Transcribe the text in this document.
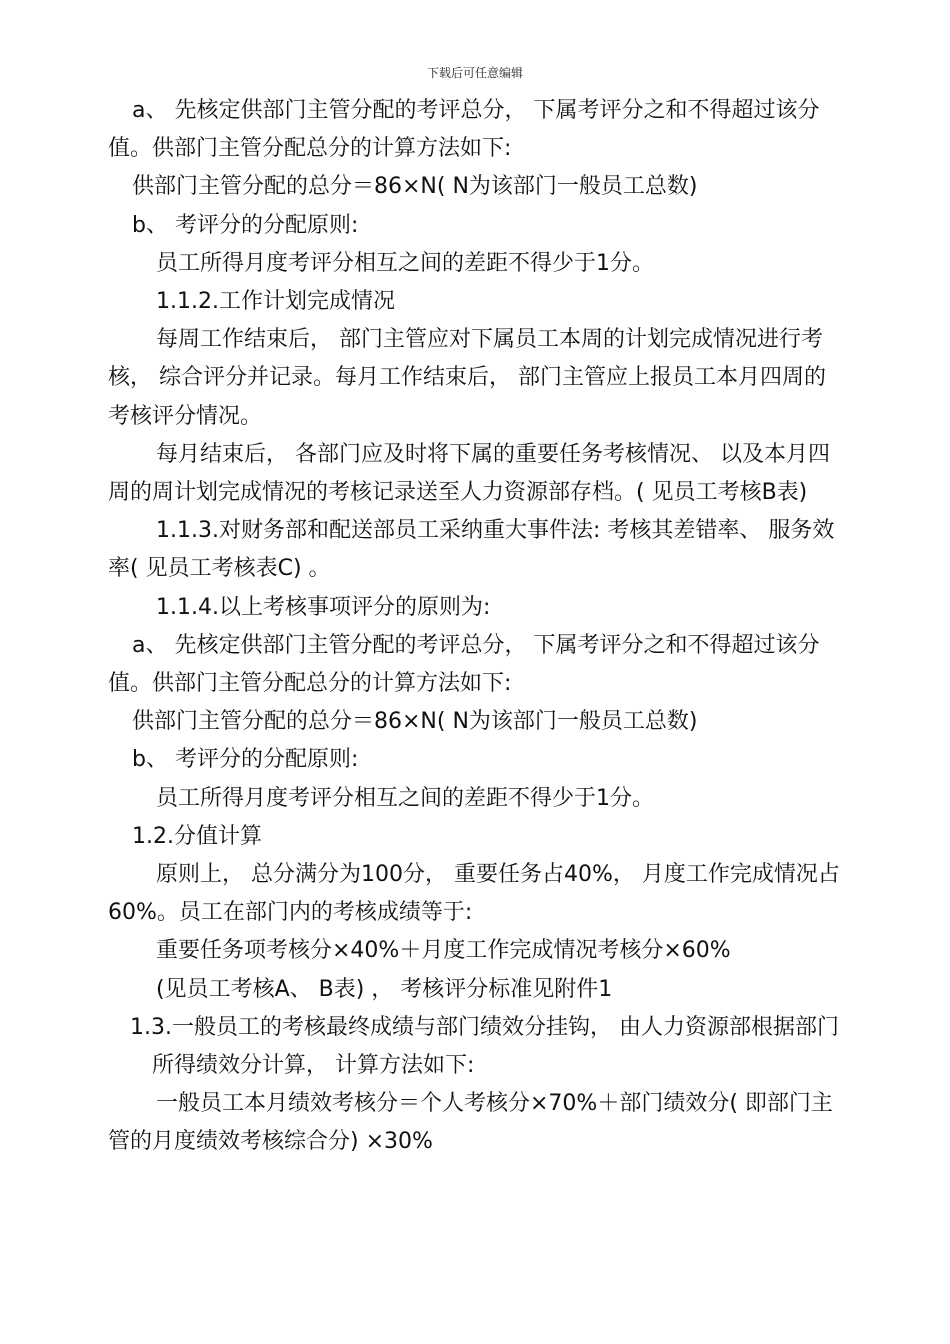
下载后可任意编辑

a、 先核定供部门主管分配的考评总分， 下属考评分之和不得超过该分值。供部门主管分配总分的计算方法如下:

供部门主管分配的总分＝86×N( N为该部门一般员工总数)

b、 考评分的分配原则:

员工所得月度考评分相互之间的差距不得少于1分。

1.1.2.工作计划完成情况

每周工作结束后， 部门主管应对下属员工本周的计划完成情况进行考核， 综合评分并记录。每月工作结束后， 部门主管应上报员工本月四周的考核评分情况。

每月结束后， 各部门应及时将下属的重要任务考核情况、 以及本月四周的周计划完成情况的考核记录送至人力资源部存档。( 见员工考核B表)

1.1.3.对财务部和配送部员工采纳重大事件法: 考核其差错率、 服务效率( 见员工考核表C) 。

1.1.4.以上考核事项评分的原则为:

a、 先核定供部门主管分配的考评总分， 下属考评分之和不得超过该分值。供部门主管分配总分的计算方法如下:

供部门主管分配的总分＝86×N( N为该部门一般员工总数)

b、 考评分的分配原则:

员工所得月度考评分相互之间的差距不得少于1分。

1.2.分值计算

原则上， 总分满分为100分， 重要任务占40%， 月度工作完成情况占60%。员工在部门内的考核成绩等于:

重要任务项考核分×40%＋月度工作完成情况考核分×60%

(见员工考核A、 B表) ， 考核评分标准见附件1

1.3.一般员工的考核最终成绩与部门绩效分挂钩， 由人力资源部根据部门所得绩效分计算， 计算方法如下:

一般员工本月绩效考核分＝个人考核分×70%＋部门绩效分( 即部门主管的月度绩效考核综合分) ×30%
